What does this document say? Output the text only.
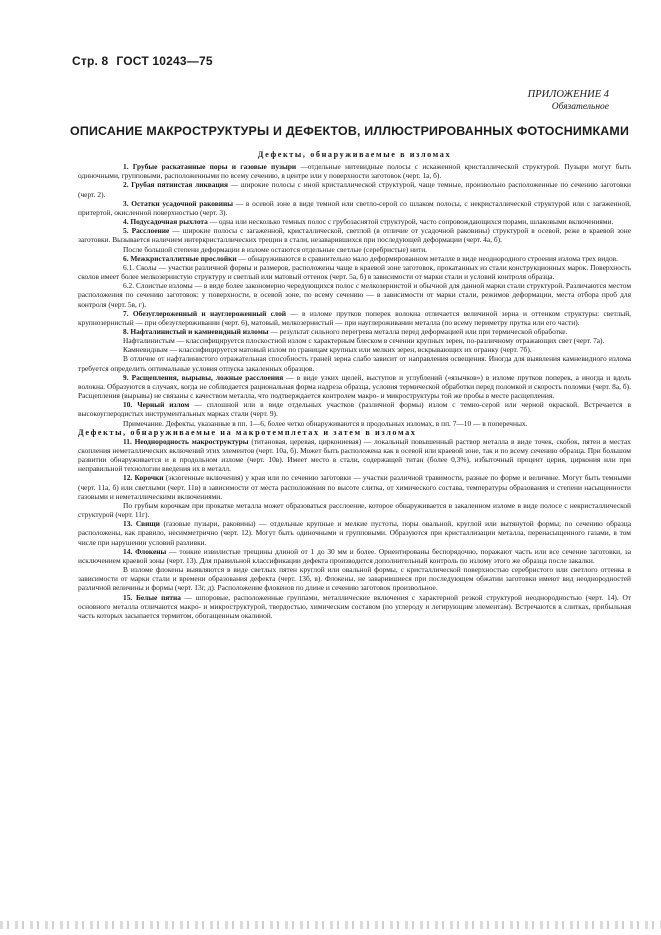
Стр. 8 ГОСТ 10243—75
ПРИЛОЖЕНИЕ 4
Обязательное
ОПИСАНИЕ МАКРОСТРУКТУРЫ И ДЕФЕКТОВ, ИЛЛЮСТРИРОВАННЫХ ФОТОСНИМКАМИ
Дефекты, обнаруживаемые в изломах

1. Грубые раскатанные поры и газовые пузыри —отдельные нитевидные полосы с искаженной кристаллической структурой. Пузыри могут быть одиночными, групповыми, расположенными по всему сечению, в центре или у поверхности заготовок (черт. 1а, б).

2. Грубая пятнистая ликвация — широкие полосы с иной кристаллической структурой, чаще темные, произвольно расположенные по сечению заготовки (черт. 2).

3. Остатки усадочной раковины — в осевой зоне в виде темной или светло-серой со шлаком полосы, с некристаллической структурой или с загаженной, притертой, окисленной поверхностью (черт. 3).

4. Подусадочная рыхлота — одна или несколько темных полос с грубозаснятой структурой, часто сопровождающихся порами, шлаковыми включениями.

5. Расслоение — широкие полосы с загаженной, кристаллической, светлой (в отличие от усадочной раковины) структурой в осевой, реже в краевой зоне заготовки. Вызывается наличием интеркристаллических трещин в стали, незаварившихся при последующей деформации (черт. 4а, б).

После большой степени деформации в изломе остаются отдельные светлые (серебристые) нити.

6. Межкристаллитные прослойки — обнаруживаются в сравнительно мало деформированном металле в виде неоднородного строения излома трех видов.

6.1. Сколы — участки различной формы и размеров, расположены чаще в краевой зоне заготовок, прокатанных из стали конструкционных марок. Поверхность сколов имеет более мелкозернистую структуру и светлый или матовый оттенок (черт. 5а, б) в зависимости от марки стали и условий контроля образца.

6.2. Слоистые изломы — в виде более закономерно чередующихся полос с мелкозернистой и обычной для данной марки стали структурой. Различаются местом расположения по сечению заготовок: у поверхности, в осевой зоне, по всему сечению — в зависимости от марки стали, режимов деформации, места отбора проб для контроля (черт. 5в, г).

7. Обезуглероженный и науглероженный слой — в изломе прутков поперек волокна отличается величиной зерна и оттенком структуры: светлый, крупнозернистый — при обезуглероживании (черт. 6), матовый, мелкозернистый — при науглероживании металла (по всему периметру прутка или его части).

8. Нафталинистый и камневидный изломы — результат сильного перегрева металла перед деформацией или при термической обработке.

Нафталинистым — классифицируется плоскостной излом с характерным блеском в сечении крупных зерен, по-различному отражающих свет (черт. 7а).

Камневидным — классифицируется матовый излом по границам крупных или мелких зерен, вскрывающих их огранку (черт. 7б).

В отличие от нафталинистого отражательная способность граней зерна слабо зависит от направления освещения. Иногда для выявления камневидного излома требуется определить оптимальные условия отпуска закаленных образцов.

9. Расщепления, вырывы, ложные расслоения — в виде узких щелей, выступов и углублений («язычков») в изломе прутков поперек, а иногда и вдоль волокна. Образуются в случаях, когда не соблюдается рациональная форма надреза образца, условия термической обработки перед поломкой и скорость поломки (черт. 8а, б). Расщепления (вырывы) не связаны с качеством металла, что подтверждается контролем макро- и микроструктуры той же пробы в месте расщепления.

10. Черный излом — сплошной или в виде отдельных участков (различной формы) излом с темно-серой или черной окраской. Встречается в высокоуглеродистых инструментальных марках стали (черт. 9).

Примечание. Дефекты, указанные в пп. 1—6, более четко обнаруживаются в продольных изломах, в пп. 7—10 — в поперечных.

Дефекты, обнаруживаемые на макротемплетах и затем в изломах

11. Неоднородность макроструктуры (титановая, церевая, циркониевая) — локальный повышенный раствор металла в виде точек, скобок, пятен в местах скопления неметаллических включений этих элементов (черт. 10а, б). Может быть расположена как в осевой или краевой зоне, так и по всему сечению образца. При большом развитии обнаруживается и в продольном изломе (черт. 10в). Имеет место в стали, содержащей титан (более 0,3%), избыточный процент церия, циркония или при неправильной технологии введения их в металл.

12. Корочки (экзогенные включения) у края или по сечению заготовки — участки различной травимости, разные по форме и величине. Могут быть темными (черт. 11а, б) или светлыми (черт. 11в) в зависимости от места расположения по высоте слитка, от химического состава, температуры образования и степени насыщенности газовыми и неметаллическими включениями.

По грубым корочкам при прокатке металла может образоваться расслоение, которое обнаруживается в закаленном изломе в виде полосе с некристаллической структурой (черт. 11г).

13. Свищи (газовые пузыри, раковины) — отдельные крупные и мелкие пустоты, поры овальной, круглой или вытянутой формы; по сечению образца расположены, как правило, несимметрично (черт. 12). Могут быть одиночными и групповыми. Образуются при кристаллизации металла, перенасыщенного газами, в том числе при нарушении условий разливки.

14. Флокены — тонкие извилистые трещины длиной от 1 до 30 мм и более. Ориентированы беспорядочно, поражают часть или все сечение заготовки, за исключением краевой зоны (черт. 13). Для правильной классификации дефекта производится дополнительный контроль по излому этого же образца после закалки.

В изломе флокены выявляются в виде светлых пятен круглой или овальной формы, с кристаллической поверхностью серебристого или светлого оттенка в зависимости от марки стали и времени образования дефекта (черт. 13б, в). Флокены, не заварившиеся при последующем обжатии заготовки имеют вид неоднородностей различной величины и формы (черт. 13г, д). Расположение флокенов по длине и сечению заготовок произвольное.

15. Белые пятна — шпоровые, расположенные группами, металлические включения с характерной резкой структурой неоднородностью (черт. 14). От основного металла отличаются макро- и микроструктурой, твердостью, химическим составом (по углероду и легирующим элементам). Встречаются в слитках, прибыльная часть которых засыпается термитом, обогащенным окалиной.
